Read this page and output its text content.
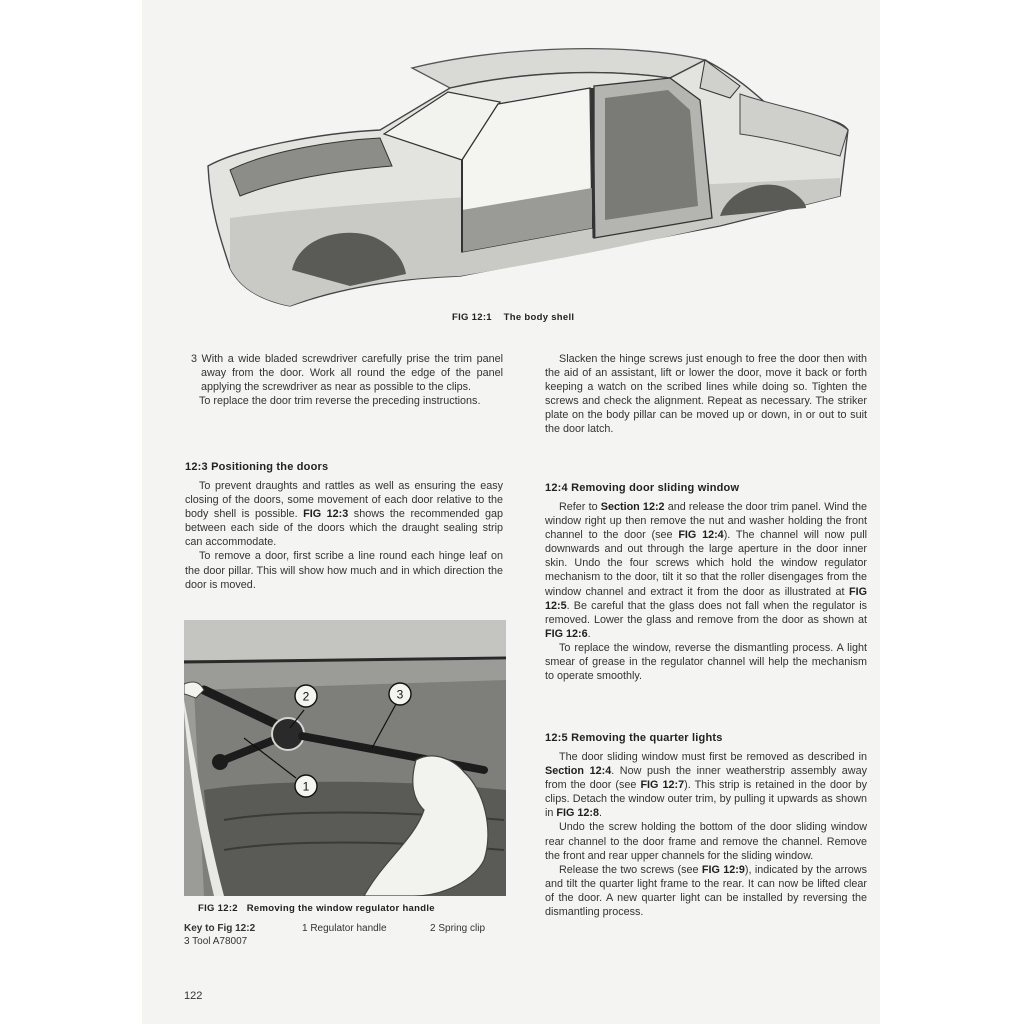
FIG 12:1 The body shell

3 With a wide bladed screwdriver carefully prise the trim panel away from the door. Work all round the edge of the panel applying the screwdriver as near as possible to the clips.

To replace the door trim reverse the preceding instructions.

12:3 Positioning the doors

To prevent draughts and rattles as well as ensuring the easy closing of the doors, some movement of each door relative to the body shell is possible. FIG 12:3 shows the recommended gap between each side of the doors which the draught sealing strip can accommodate.

To remove a door, first scribe a line round each hinge leaf on the door pillar. This will show how much and in which direction the door is moved.

2	3
1
FIG 12:2 Removing the window regulator handle
Key to Fig 12:2	1 Regulator handle	2 Spring clip
3 Tool A78007
122

Slacken the hinge screws just enough to free the door then with the aid of an assistant, lift or lower the door, move it back or forth keeping a watch on the scribed lines while doing so. Tighten the screws and check the alignment. Repeat as necessary. The striker plate on the body pillar can be moved up or down, in or out to suit the door latch.

12:4 Removing door sliding window

Refer to Section 12:2 and release the door trim panel. Wind the window right up then remove the nut and washer holding the front channel to the door (see FIG 12:4). The channel will now pull downwards and out through the large aperture in the door inner skin. Undo the four screws which hold the window regulator mechanism to the door, tilt it so that the roller disengages from the window channel and extract it from the door as illustrated at FIG 12:5. Be careful that the glass does not fall when the regulator is removed. Lower the glass and remove from the door as shown at FIG 12:6.

To replace the window, reverse the dismantling process. A light smear of grease in the regulator channel will help the mechanism to operate smoothly.

12:5 Removing the quarter lights

The door sliding window must first be removed as described in Section 12:4. Now push the inner weatherstrip assembly away from the door (see FIG 12:7). This strip is retained in the door by clips. Detach the window outer trim, by pulling it upwards as shown in FIG 12:8.

Undo the screw holding the bottom of the door sliding window rear channel to the door frame and remove the channel. Remove the front and rear upper channels for the sliding window.

Release the two screws (see FIG 12:9), indicated by the arrows and tilt the quarter light frame to the rear. It can now be lifted clear of the door. A new quarter light can be installed by reversing the dismantling process.
